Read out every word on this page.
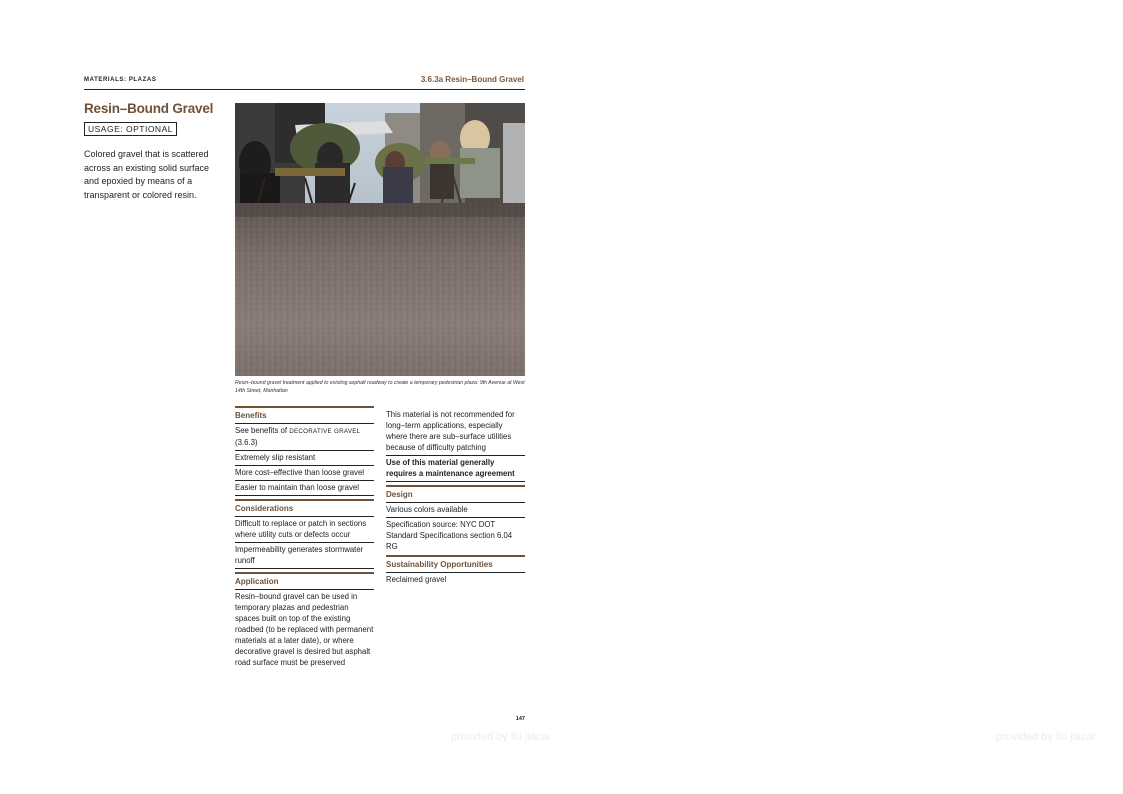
MATERIALS: PLAZAS	3.6.3a Resin–Bound Gravel
Resin–Bound Gravel
USAGE: OPTIONAL
Colored gravel that is scattered across an existing solid surface and epoxied by means of a transparent or colored resin.
Resin–bound gravel treatment applied to existing asphalt roadway to create a temporary pedestrian plaza: 9th Avenue at West 14th Street, Manhattan
Benefits
See benefits of DECORATIVE GRAVEL (3.6.3)
Extremely slip resistant
More cost–effective than loose gravel
Easier to maintain than loose gravel
Considerations
Difficult to replace or patch in sections where utility cuts or defects occur
Impermeability generates stormwater runoff
Application
Resin–bound gravel can be used in temporary plazas and pedestrian spaces built on top of the existing roadbed (to be replaced with permanent materials at a later date), or where decorative gravel is desired but asphalt road surface must be preserved
This material is not recommended for long–term applications, especially where there are sub–surface utilities because of difficulty patching
Use of this material generally requires a maintenance agreement
Design
Various colors available
Specification source: NYC DOT Standard Specifications section 6.04 RG
Sustainability Opportunities
Reclaimed gravel
147
provided by liu jiacai	provided by liu jiacai
